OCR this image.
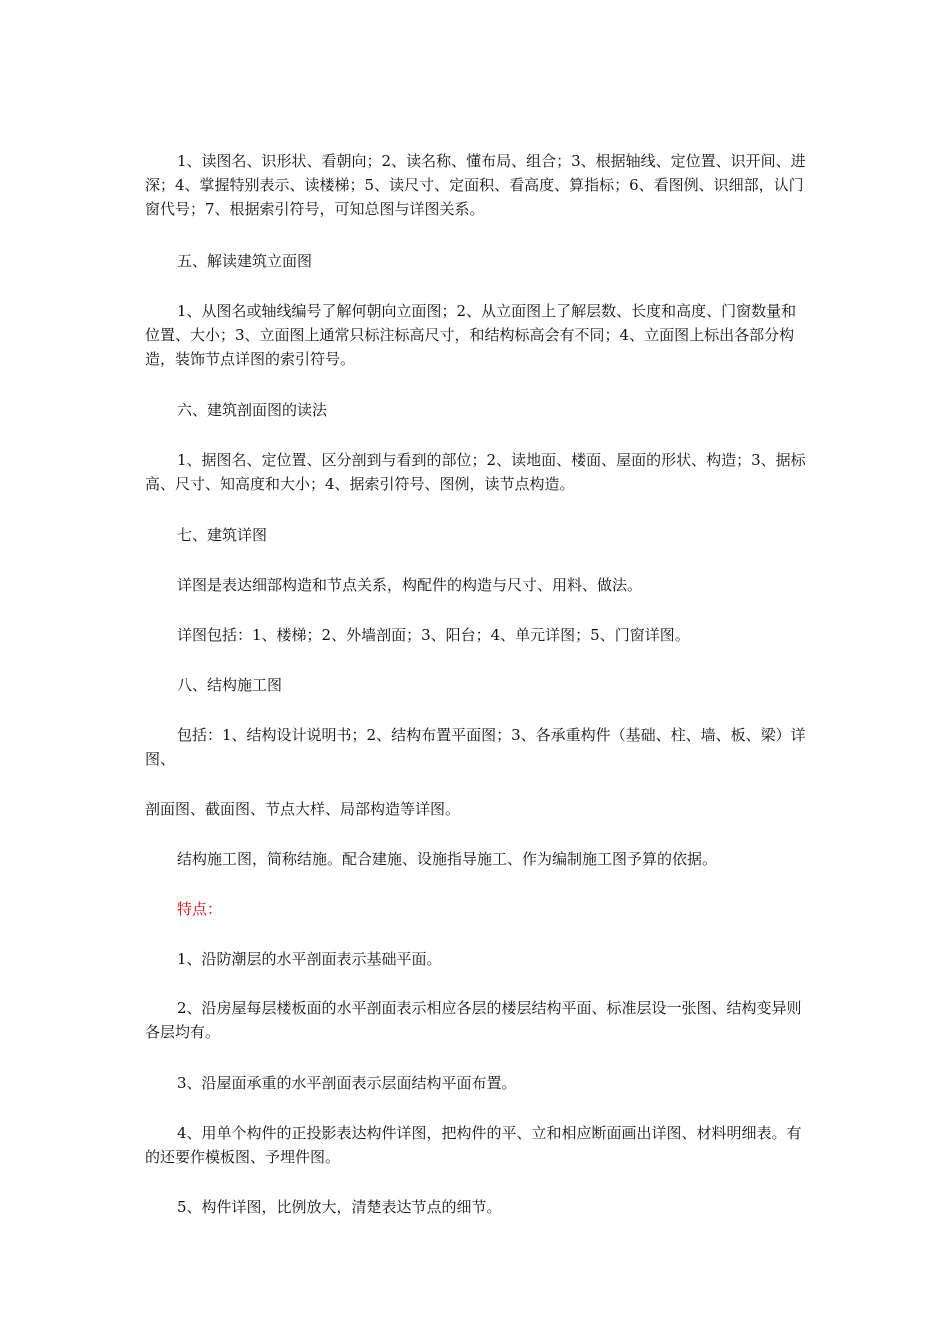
1、读图名、识形状、看朝向；2、读名称、懂布局、组合；3、根据轴线、定位置、识开间、进深；4、掌握特别表示、读楼梯；5、读尺寸、定面积、看高度、算指标；6、看图例、识细部，认门窗代号；7、根据索引符号，可知总图与详图关系。

五、解读建筑立面图

1、从图名或轴线编号了解何朝向立面图；2、从立面图上了解层数、长度和高度、门窗数量和位置、大小；3、立面图上通常只标注标高尺寸，和结构标高会有不同；4、立面图上标出各部分构造，装饰节点详图的索引符号。

六、建筑剖面图的读法

1、据图名、定位置、区分剖到与看到的部位；2、读地面、楼面、屋面的形状、构造；3、据标高、尺寸、知高度和大小；4、据索引符号、图例，读节点构造。

七、建筑详图

详图是表达细部构造和节点关系，构配件的构造与尺寸、用料、做法。

详图包括：1、楼梯；2、外墙剖面；3、阳台；4、单元详图；5、门窗详图。

八、结构施工图

包括：1、结构设计说明书；2、结构布置平面图；3、各承重构件（基础、柱、墙、板、梁）详图、

剖面图、截面图、节点大样、局部构造等详图。

结构施工图，简称结施。配合建施、设施指导施工、作为编制施工图予算的依据。

特点：

1、沿防潮层的水平剖面表示基础平面。

2、沿房屋每层楼板面的水平剖面表示相应各层的楼层结构平面、标准层设一张图、结构变异则各层均有。

3、沿屋面承重的水平剖面表示层面结构平面布置。

4、用单个构件的正投影表达构件详图，把构件的平、立和相应断面画出详图、材料明细表。有的还要作模板图、予埋件图。

5、构件详图，比例放大，清楚表达节点的细节。
